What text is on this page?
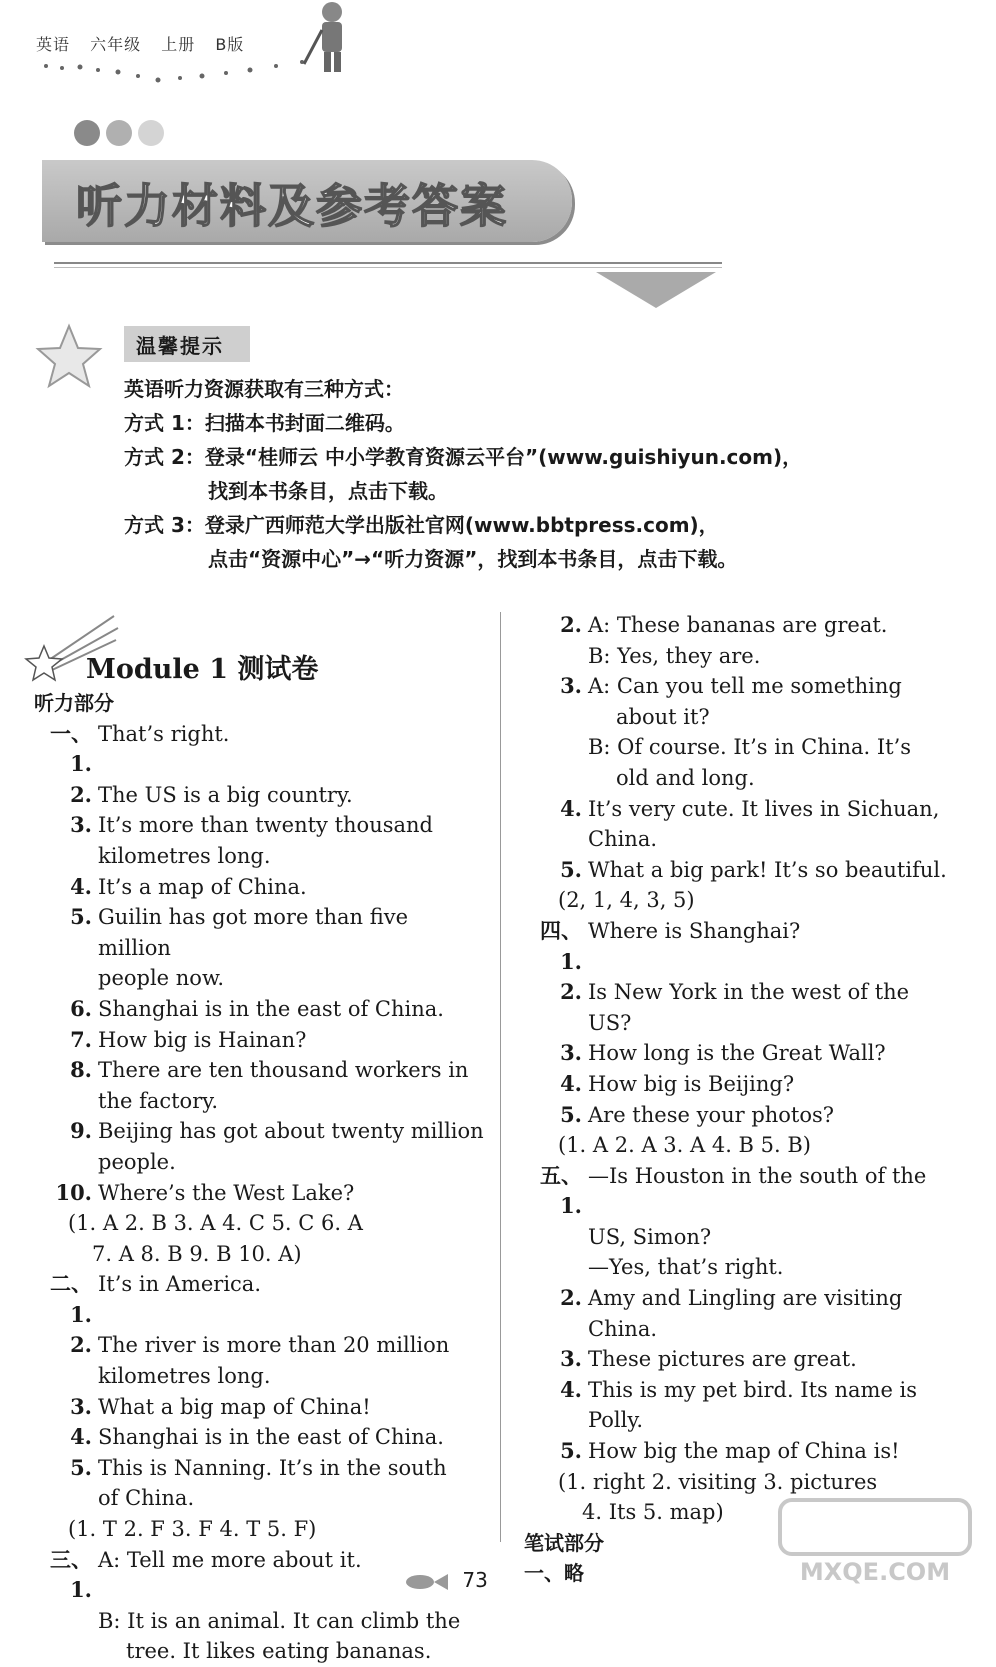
英语 六年级 上册 B版
听力材料及参考答案
温馨提示
英语听力资源获取有三种方式：
方式 1：扫描本书封面二维码。
方式 2：登录“桂师云 中小学教育资源云平台”(www.guishiyun.com)，
找到本书条目，点击下载。
方式 3：登录广西师范大学出版社官网(www.bbtpress.com)，
点击“资源中心”→“听力资源”，找到本书条目，点击下载。
Module 1 测试卷
听力部分
一、1.
That’s right.
2. The US is a big country.
3. It’s more than twenty thousand
kilometres long.
4. It’s a map of China.
5. Guilin has got more than five million
people now.
6. Shanghai is in the east of China.
7. How big is Hainan?
8. There are ten thousand workers in
the factory.
9. Beijing has got about twenty million
people.
10. Where’s the West Lake?
(1. A 2. B 3. A 4. C 5. C 6. A
7. A 8. B 9. B 10. A)
二、1.
It’s in America.
2. The river is more than 20 million
kilometres long.
3. What a big map of China!
4. Shanghai is in the east of China.
5. This is Nanning. It’s in the south
of China.
(1. T 2. F 3. F 4. T 5. F)
三、1.
A: Tell me more about it.
B: It is an animal. It can climb the
tree. It likes eating bananas.
2. A: These bananas are great.
B: Yes, they are.
3. A: Can you tell me something
about it?
B: Of course. It’s in China. It’s
old and long.
4. It’s very cute. It lives in Sichuan,
China.
5. What a big park! It’s so beautiful.
(2, 1, 4, 3, 5)
四、1.
Where is Shanghai?
2. Is New York in the west of the
US?
3. How long is the Great Wall?
4. How big is Beijing?
5. Are these your photos?
(1. A 2. A 3. A 4. B 5. B)
五、1.
—Is Houston in the south of the
US, Simon?
—Yes, that’s right.
2. Amy and Lingling are visiting
China.
3. These pictures are great.
4. This is my pet bird. Its name is
Polly.
5. How big the map of China is!
(1. right 2. visiting 3. pictures
4. Its 5. map)
笔试部分
一、略
73	MXQE.COM
